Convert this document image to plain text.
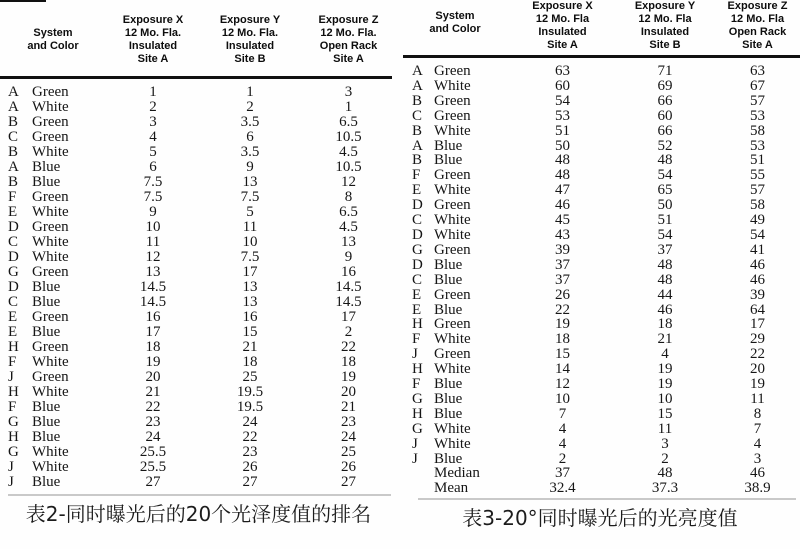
System
and Color
Exposure X
12 Mo. Fla.
Insulated
Site A
Exposure Y
12 Mo. Fla.
Insulated
Site B
Exposure Z
12 Mo. Fla.
Open Rack
Site A
A Green	1	1	3
A White	2	2	1
B Green	3	3.5	6.5
C Green	4	6	10.5
B White	5	3.5	4.5
A Blue	6	9	10.5
B Blue	7.5	13	12
F	Green	7.5	7.5	8
E White	9	5	6.5
D Green	10	11	4.5
C White	11	10	13
D White	12	7.5	9
G Green	13	17	16
D Blue	14.5	13	14.5
C Blue	14.5	13	14.5
E Green	16	16	17
E Blue	17	15	2
H Green	18	21	22
F	White	19	18	18
J	Green	20	25	19
H White	21	19.5	20
F	Blue	22	19.5	21
G Blue	23	24	23
H Blue	24	22	24
G White	25.5	23	25
J	White	25.5	26	26
J	Blue	27	27	27
表2-同时曝光后的20个光泽度值的排名
System
and Color
Exposure X
12 Mo. Fla
Insulated
Site A
Exposure Y
12 Mo. Fla
Insulated
Site B
Exposure Z
12 Mo. Fla
Open Rack
Site A
A Green	63	71	63
A White	60	69	67
B Green	54	66	57
C Green	53	60	53
B White	51	66	58
A Blue	50	52	53
B Blue	48	48	51
F Green	48	54	55
E White	47	65	57
D Green	46	50	58
C White	45	51	49
D White	43	54	54
G Green	39	37	41
D Blue	37	48	46
C Blue	37	48	46
E Green	26	44	39
E Blue	22	46	64
H Green	19	18	17
F White	18	21	29
J	Green	15	4	22
H White	14	19	20
F Blue	12	19	19
G Blue	10	10	11
H Blue	7	15	8
G White	4	11	7
J	White	4	3	4
J	Blue	2	2	3
Median	37	48	46
Mean	32.4	37.3	38.9
表3-20°同时曝光后的光亮度值
